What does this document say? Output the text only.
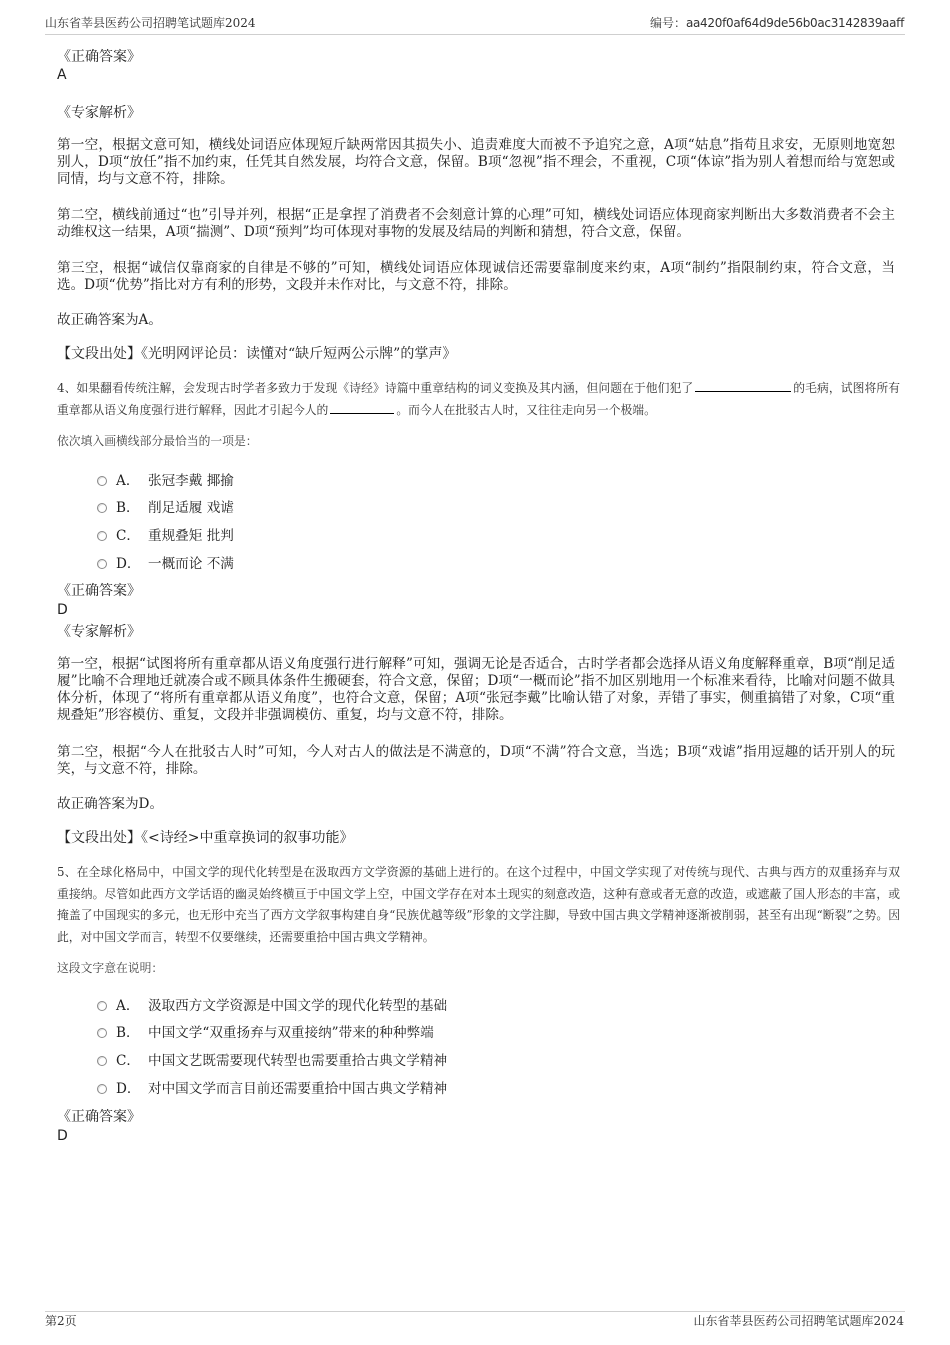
山东省莘县医药公司招聘笔试题库2024	编号：aa420f0af64d9de56b0ac3142839aaff
《正确答案》
A
《专家解析》
第一空，根据文意可知，横线处词语应体现短斤缺两常因其损失小、追责难度大而被不予追究之意，A项“姑息”指苟且求安，无原则地宽恕别人，D项“放任”指不加约束，任凭其自然发展，均符合文意，保留。B项“忽视”指不理会，不重视，C项“体谅”指为别人着想而给与宽恕或同情，均与文意不符，排除。
第二空，横线前通过“也”引导并列，根据“正是拿捏了消费者不会刻意计算的心理”可知，横线处词语应体现商家判断出大多数消费者不会主动维权这一结果，A项“揣测”、D项“预判”均可体现对事物的发展及结局的判断和猜想，符合文意，保留。
第三空，根据“诚信仅靠商家的自律是不够的”可知，横线处词语应体现诚信还需要靠制度来约束，A项“制约”指限制约束，符合文意，当选。D项“优势”指比对方有利的形势，文段并未作对比，与文意不符，排除。
故正确答案为A。
【文段出处】《光明网评论员：读懂对“缺斤短两公示牌”的掌声》
4、如果翻看传统注解，会发现古时学者多致力于发现《诗经》诗篇中重章结构的词义变换及其内涵，但问题在于他们犯了	的毛病，试图将所有重章都从语义角度强行进行解释，因此才引起今人的	。而今人在批驳古人时，又往往走向另一个极端。
依次填入画横线部分最恰当的一项是：
A． 张冠李戴 揶揄
B． 削足适履 戏谑
C． 重规叠矩 批判
D． 一概而论 不满
《正确答案》
D
《专家解析》
第一空，根据“试图将所有重章都从语义角度强行进行解释”可知，强调无论是否适合，古时学者都会选择从语义角度解释重章，B项“削足适履”比喻不合理地迁就凑合或不顾具体条件生搬硬套，符合文意，保留；D项“一概而论”指不加区别地用一个标准来看待，比喻对问题不做具体分析，体现了“将所有重章都从语义角度”，也符合文意，保留；A项“张冠李戴”比喻认错了对象，弄错了事实，侧重搞错了对象，C项“重规叠矩”形容模仿、重复，文段并非强调模仿、重复，均与文意不符，排除。
第二空，根据“今人在批驳古人时”可知，今人对古人的做法是不满意的，D项“不满”符合文意，当选；B项“戏谑”指用逗趣的话开别人的玩笑，与文意不符，排除。
故正确答案为D。
【文段出处】《<诗经>中重章换词的叙事功能》
5、在全球化格局中，中国文学的现代化转型是在汲取西方文学资源的基础上进行的。在这个过程中，中国文学实现了对传统与现代、古典与西方的双重扬弃与双重接纳。尽管如此西方文学话语的幽灵始终横亘于中国文学上空，中国文学存在对本土现实的刻意改造，这种有意或者无意的改造，或遮蔽了国人形态的丰富，或掩盖了中国现实的多元，也无形中充当了西方文学叙事构建自身“民族优越等级”形象的文学注脚，导致中国古典文学精神逐渐被削弱，甚至有出现“断裂”之势。因此，对中国文学而言，转型不仅要继续，还需要重拾中国古典文学精神。
这段文字意在说明：
A． 汲取西方文学资源是中国文学的现代化转型的基础
B． 中国文学“双重扬弃与双重接纳”带来的种种弊端
C． 中国文艺既需要现代转型也需要重拾古典文学精神
D． 对中国文学而言目前还需要重拾中国古典文学精神
《正确答案》
D
第2页	山东省莘县医药公司招聘笔试题库2024
